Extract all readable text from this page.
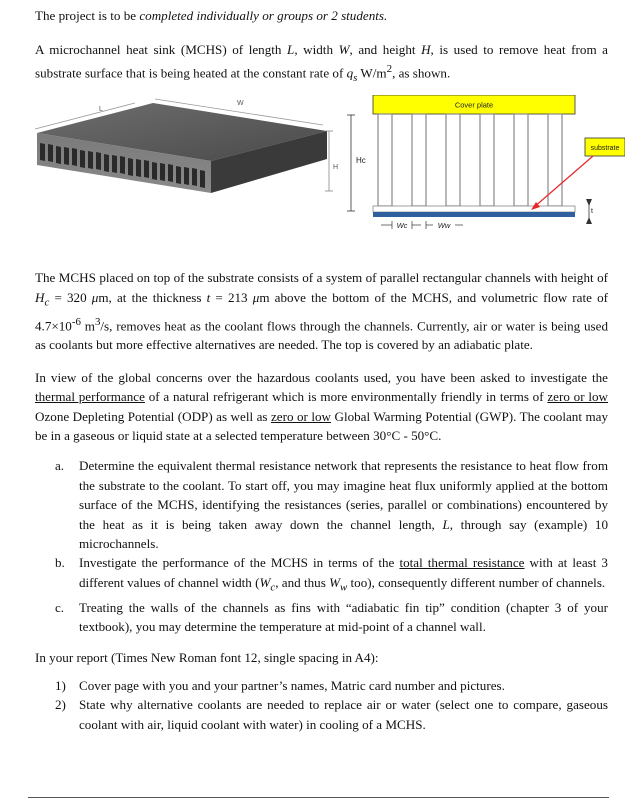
The project is to be completed individually or groups or 2 students.

A microchannel heat sink (MCHS) of length L, width W, and height H, is used to remove heat from a substrate surface that is being heated at the constant rate of $q_s$ $W/m^2$, as shown.

L
W
H
Hc
Cover plate
substrate
t
Wc	Ww

The MCHS placed on top of the substrate consists of a system of parallel rectangular channels with height of $H_c = 320$ μm, at the thickness t = 213 μm above the bottom of the MCHS, and volumetric flow rate of $4.7\times 10^{-6}$ $m^3/s$, removes heat as the coolant flows through the channels. Currently, air or water is being used as coolants but more effective alternatives are needed. The top is covered by an adiabatic plate.

In view of the global concerns over the hazardous coolants used, you have been asked to investigate the thermal performance of a natural refrigerant which is more environmentally friendly in terms of zero or low Ozone Depleting Potential (ODP) as well as zero or low Global Warming Potential (GWP). The coolant may be in a gaseous or liquid state at a selected temperature between 30°C - 50°C.

a. Determine the equivalent thermal resistance network that represents the resistance to heat flow from the substrate to the coolant. To start off, you may imagine heat flux uniformly applied at the bottom surface of the MCHS, identifying the resistances (series, parallel or combinations) encountered by the heat as it is being taken away down the channel length, L, through say (example) 10 microchannels.
b. Investigate the performance of the MCHS in terms of the total thermal resistance with at least 3 different values of channel width ($W_c$, and thus $W_w$ too), consequently different number of channels.
c. Treating the walls of the channels as fins with “adiabatic fin tip” condition (chapter 3 of your textbook), you may determine the temperature at mid-point of a channel wall.

In your report (Times New Roman font 12, single spacing in A4):

1) Cover page with you and your partner’s names, Matric card number and pictures.
2) State why alternative coolants are needed to replace air or water (select one to compare, gaseous coolant with air, liquid coolant with water) in cooling of a MCHS.
